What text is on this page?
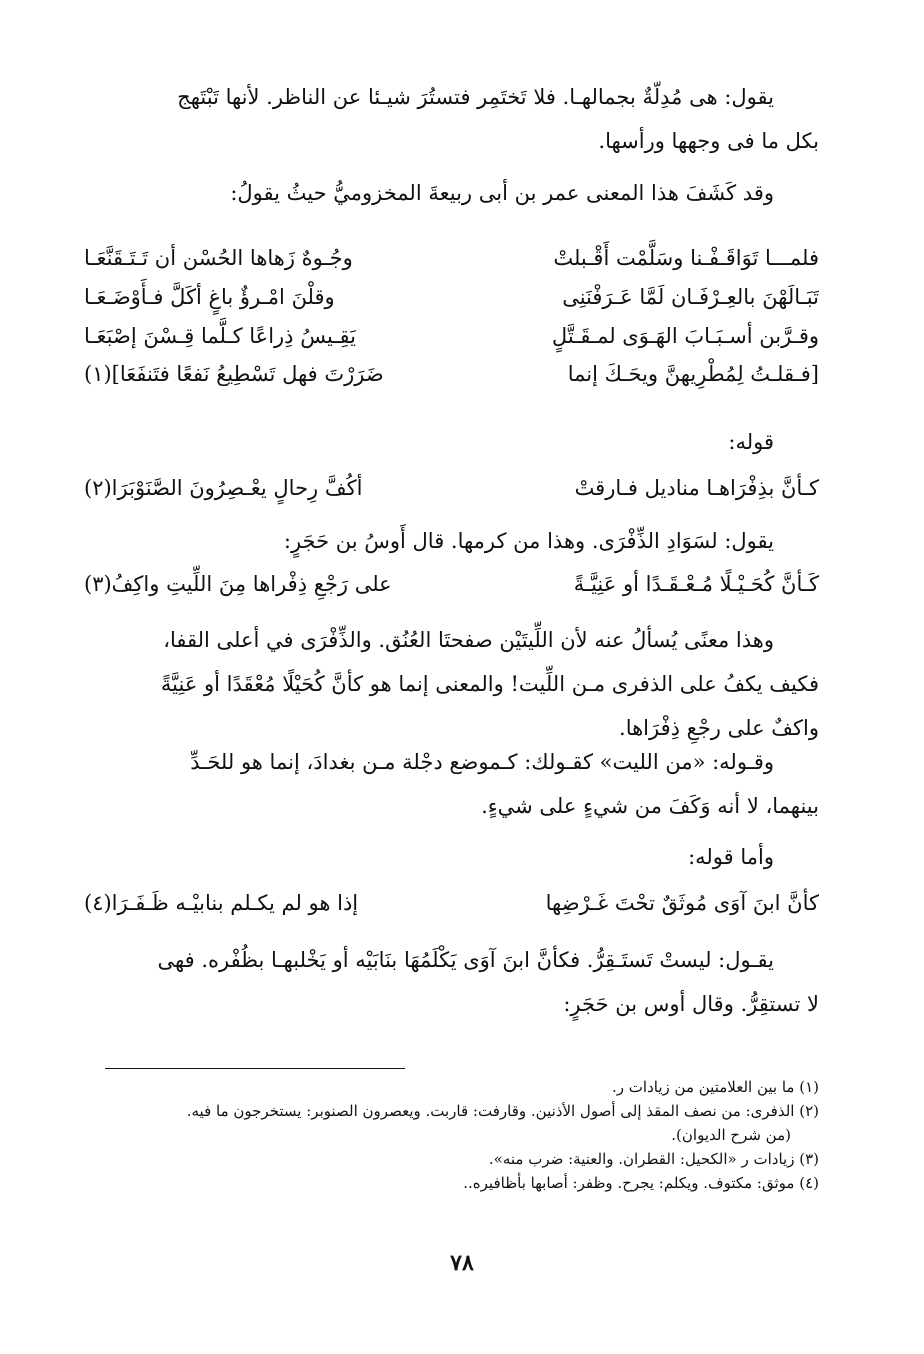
يقول: هى مُدِلّةٌ بجمالهـا. فلا تَختَمِر فتستُرَ شيـئا عن الناظر. لأنها تَبْتَهج
بكل ما فى وجهها ورأسها.
وقد كَشَفَ هذا المعنى عمر بن أبى ربيعةَ المخزوميُّ حيثُ يقولُ:
فلمـــا تَوَاقَـفْـنا وسَلَّمْت أَقْـبلتْ
وجُـوهٌ زَهاها الحُسْن أن تَـتَـقَنَّعَـا
تَبَـالَهْنَ بالعِـرْفَـان لَمَّا عَـرَفْنَنِى
وقلْنَ امْـرؤٌ باغٍ أكَلَّ فـأَوْضَـعَـا
وقـرَّبن أسـبَـابَ الهَـوَى لمـقَـتَّلٍ
يَقِـيسُ ذِراعًا كـلَّما قِـسْنَ إصْبَعَـا
[فـقلـتُ لِمُطْرِيهنَّ ويحَـكَ إنما
ضَرَرْتَ فهل تَسْطِيعُ نَفعًا فتَنفَعَا](١)
قوله:
كـأنَّ بذِفْرَاهـا مناديل فـارقتْ
أكُفَّ رِحالٍ يعْـصِرُونَ الصَّنَوْبَرَا(٢)
يقول: لسَوَادِ الذِّفْرَى. وهذا من كرمها. قال أَوسُ بن حَجَرٍ:
كَـأنَّ كُحَـيْـلًا مُـعْـقَـدًا أو عَنِيَّـةً
على رَجْعِ ذِفْراها مِنَ اللِّيتِ واكِفُ(٣)
وهذا معنًى يُسألُ عنه لأن اللِّيتَيْن صفحتَا العُنُق. والذِّفْرَى في أعلى القفا،
فكيف يكفُ على الذفرى مـن اللِّيت! والمعنى إنما هو كأنَّ كُحَيْلًا مُعْقَدًا أو عَنِيَّةً
واكفٌ على رجْعِ ذِفْرَاها.
وقـوله: «من الليت» كقـولك: كـموضع دجْلة مـن بغدادَ، إنما هو للحَـدِّ
بينهما، لا أنه وَكَفَ من شيءٍ على شيءٍ.
وأما قوله:
كأنَّ ابنَ آوَى مُوثَقٌ تحْتَ غَـرْضِها
إذا هو لم يكـلم بنابيْـه ظَـفَـرَا(٤)
يقـول: ليستْ تَستَـقِرُّ. فكأنَّ ابنَ آوَى يَكْلَمُهَا بنَابَيْه أو يَخْلبهـا بظُفْره. فهى
لا تستقِرُّ. وقال أوس بن حَجَرٍ:
(١) ما بين العلامتين من زيادات ر.
(٢) الذفرى: من نصف المقذ إلى أصول الأذنين. وقارفت: قاربت. ويعصرون الصنوبر: يستخرجون ما فيه.
(من شرح الديوان).
(٣) زيادات ر «الكحيل: القطران. والعنية: ضرب منه».
(٤) موثق: مكتوف. ويكلم: يجرح. وظفر: أصابها بأظافيره..
٧٨
